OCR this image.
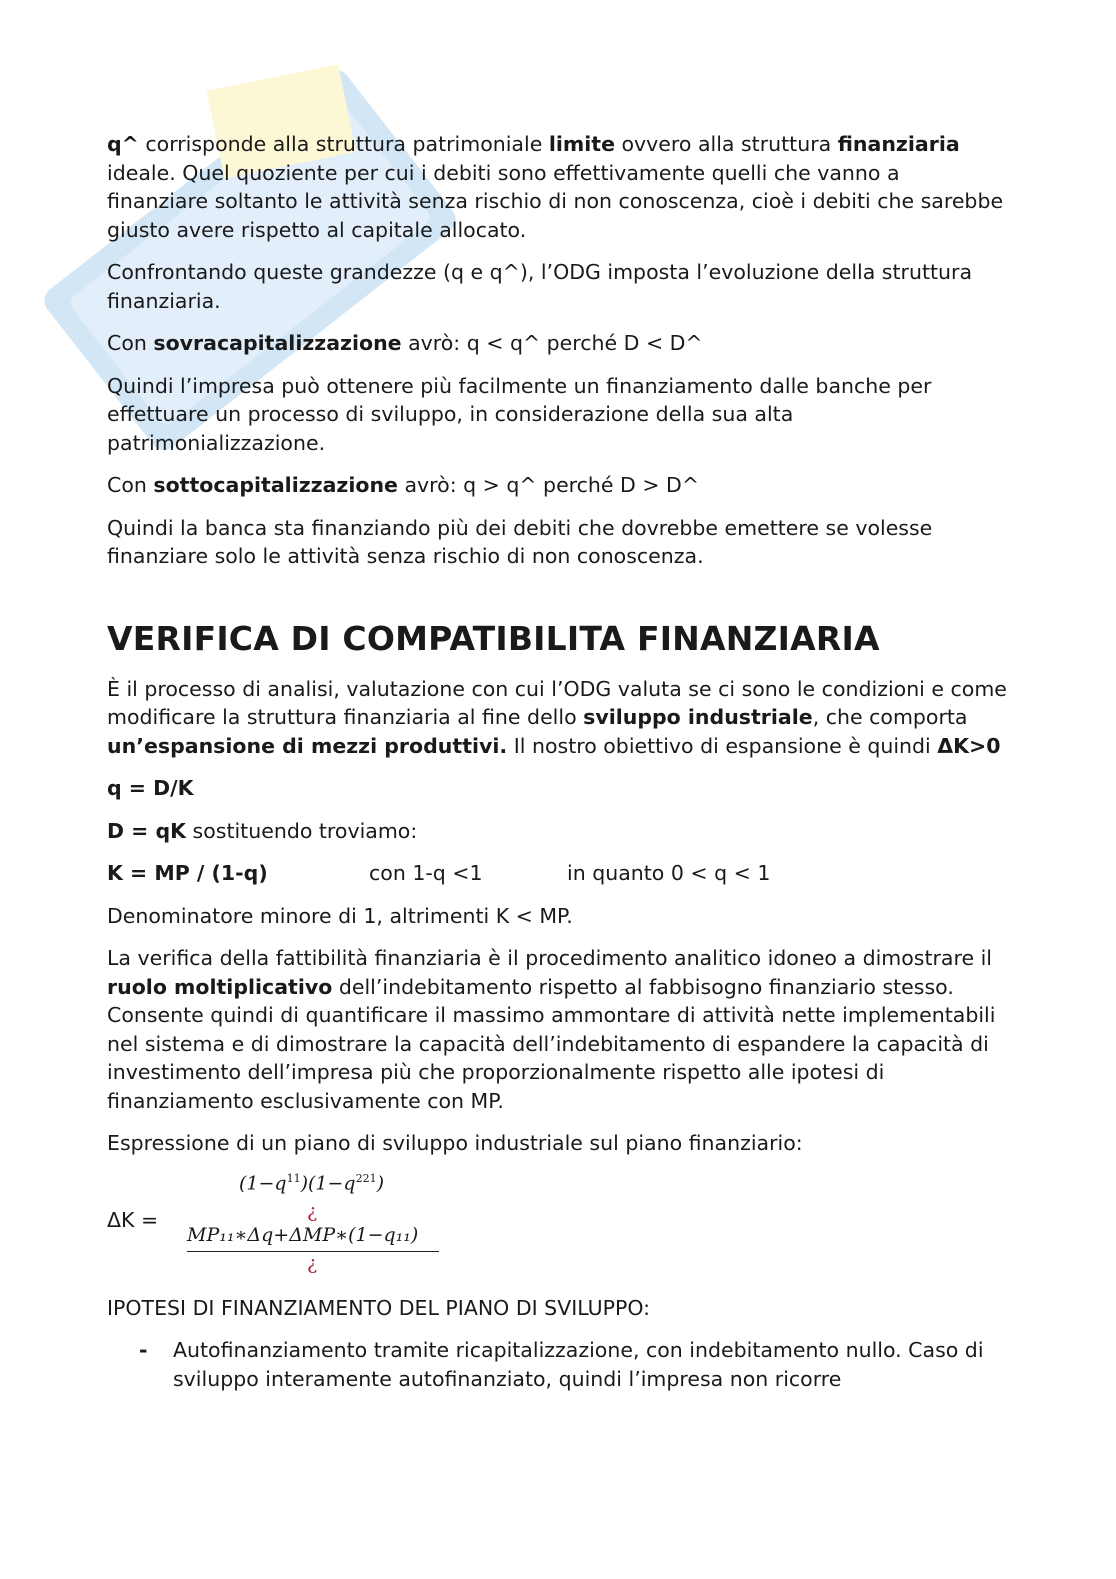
q^ corrisponde alla struttura patrimoniale limite ovvero alla struttura finanziaria ideale. Quel quoziente per cui i debiti sono effettivamente quelli che vanno a finanziare soltanto le attività senza rischio di non conoscenza, cioè i debiti che sarebbe giusto avere rispetto al capitale allocato.

Confrontando queste grandezze (q e q^), l’ODG imposta l’evoluzione della struttura finanziaria.

Con sovracapitalizzazione avrò: q < q^ perché D < D^

Quindi l’impresa può ottenere più facilmente un finanziamento dalle banche per effettuare un processo di sviluppo, in considerazione della sua alta patrimonializzazione.

Con sottocapitalizzazione avrò: q > q^ perché D > D^

Quindi la banca sta finanziando più dei debiti che dovrebbe emettere se volesse finanziare solo le attività senza rischio di non conoscenza.

VERIFICA DI COMPATIBILITA FINANZIARIA

È il processo di analisi, valutazione con cui l’ODG valuta se ci sono le condizioni e come modificare la struttura finanziaria al fine dello sviluppo industriale, che comporta un’espansione di mezzi produttivi. Il nostro obiettivo di espansione è quindi ΔK>0

q = D/K

D = qK sostituendo troviamo:

K = MP / (1-q)	con 1-q <1	in quanto 0 < q < 1

Denominatore minore di 1, altrimenti K < MP.

La verifica della fattibilità finanziaria è il procedimento analitico idoneo a dimostrare il ruolo moltiplicativo dell’indebitamento rispetto al fabbisogno finanziario stesso. Consente quindi di quantificare il massimo ammontare di attività nette implementabili nel sistema e di dimostrare la capacità dell’indebitamento di espandere la capacità di investimento dell’impresa più che proporzionalmente rispetto alle ipotesi di finanziamento esclusivamente con MP.

Espressione di un piano di sviluppo industriale sul piano finanziario:

ΔK =
$(1-q^{11})(1-q^{221})$
¿
MP₁₁∗Δq+ΔMP∗(1−q₁₁)
¿

IPOTESI DI FINANZIAMENTO DEL PIANO DI SVILUPPO:

-	Autofinanziamento tramite ricapitalizzazione, con indebitamento nullo. Caso di sviluppo interamente autofinanziato, quindi l’impresa non ricorre
